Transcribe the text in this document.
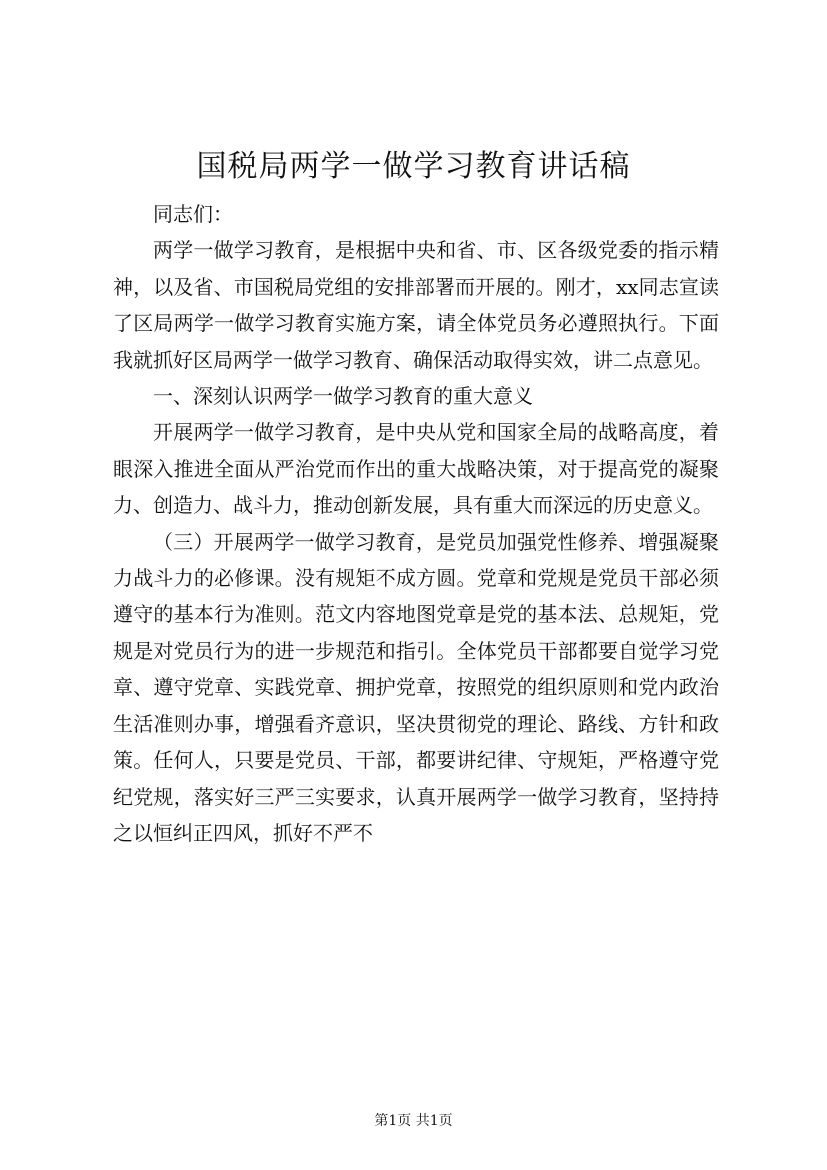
国税局两学一做学习教育讲话稿

同志们：

两学一做学习教育，是根据中央和省、市、区各级党委的指示精神，以及省、市国税局党组的安排部署而开展的。刚才，xx同志宣读了区局两学一做学习教育实施方案，请全体党员务必遵照执行。下面我就抓好区局两学一做学习教育、确保活动取得实效，讲二点意见。

一、深刻认识两学一做学习教育的重大意义

开展两学一做学习教育，是中央从党和国家全局的战略高度，着眼深入推进全面从严治党而作出的重大战略决策，对于提高党的凝聚力、创造力、战斗力，推动创新发展，具有重大而深远的历史意义。

（三）开展两学一做学习教育，是党员加强党性修养、增强凝聚力战斗力的必修课。没有规矩不成方圆。党章和党规是党员干部必须遵守的基本行为准则。范文内容地图党章是党的基本法、总规矩，党规是对党员行为的进一步规范和指引。全体党员干部都要自觉学习党章、遵守党章、实践党章、拥护党章，按照党的组织原则和党内政治生活准则办事，增强看齐意识，坚决贯彻党的理论、路线、方针和政策。任何人，只要是党员、干部，都要讲纪律、守规矩，严格遵守党纪党规，落实好三严三实要求，认真开展两学一做学习教育，坚持持之以恒纠正四风，抓好不严不

第1页 共1页
